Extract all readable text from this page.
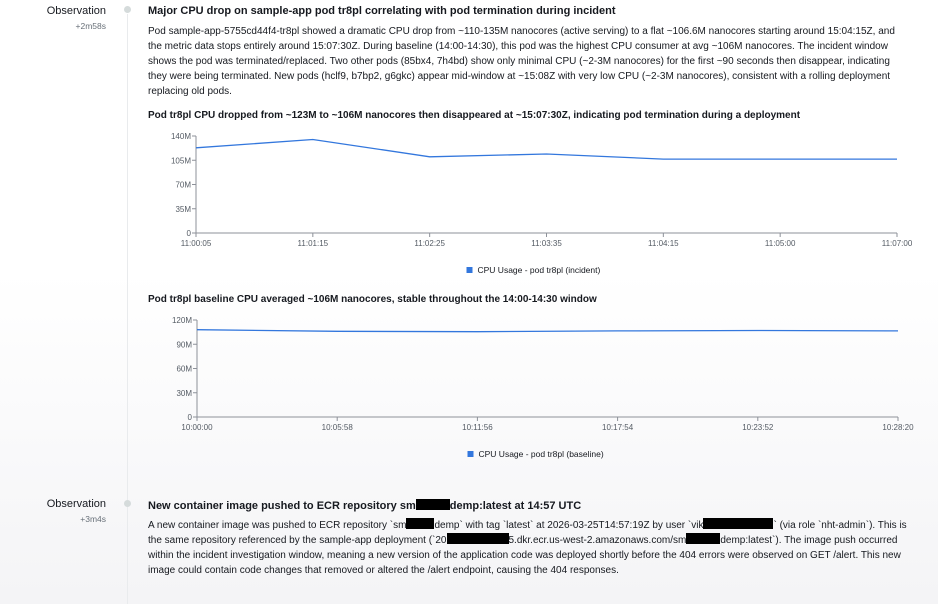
Observation
+2m58s
Major CPU drop on sample-app pod tr8pl correlating with pod termination during incident

Pod sample-app-5755cd44f4-tr8pl showed a dramatic CPU drop from ~110-135M nanocores (active serving) to a flat ~106.6M nanocores starting around 15:04:15Z, and the metric data stops entirely around 15:07:30Z. During baseline (14:00-14:30), this pod was the highest CPU consumer at avg ~106M nanocores. The incident window shows the pod was terminated/replaced. Two other pods (85bx4, 7h4bd) show only minimal CPU (~2-3M nanocores) for the first ~90 seconds then disappear, indicating they were being terminated. New pods (hclf9, b7bp2, g6gkc) appear mid-window at ~15:08Z with very low CPU (~2-3M nanocores), consistent with a rolling deployment replacing old pods.

Pod tr8pl CPU dropped from ~123M to ~106M nanocores then disappeared at ~15:07:30Z, indicating pod termination during a deployment
0
35M
70M
105M
140M
11:00:05	11:01:15	11:02:25	11:03:35	11:04:15	11:05:00	11:07:00
CPU Usage - pod tr8pl (incident)
Pod tr8pl baseline CPU averaged ~106M nanocores, stable throughout the 14:00-14:30 window
0
30M
60M
90M
120M
10:00:00	10:05:58	10:11:56	10:17:54	10:23:52	10:28:20
CPU Usage - pod tr8pl (baseline)
Observation
+3m4s
New container image pushed to ECR repository sm	demp:latest at 14:57 UTC

A new container image was pushed to ECR repository `sm	demp` with tag `latest` at 2026-03-25T14:57:19Z by user `vik	` (via role `nht-admin`). This is the same repository referenced by the sample-app deployment (`20	5.dkr.ecr.us-west-2.amazonaws.com/sm	demp:latest`). The image push occurred within the incident investigation window, meaning a new version of the application code was deployed shortly before the 404 errors were observed on GET /alert. This new image could contain code changes that removed or altered the /alert endpoint, causing the 404 responses.
